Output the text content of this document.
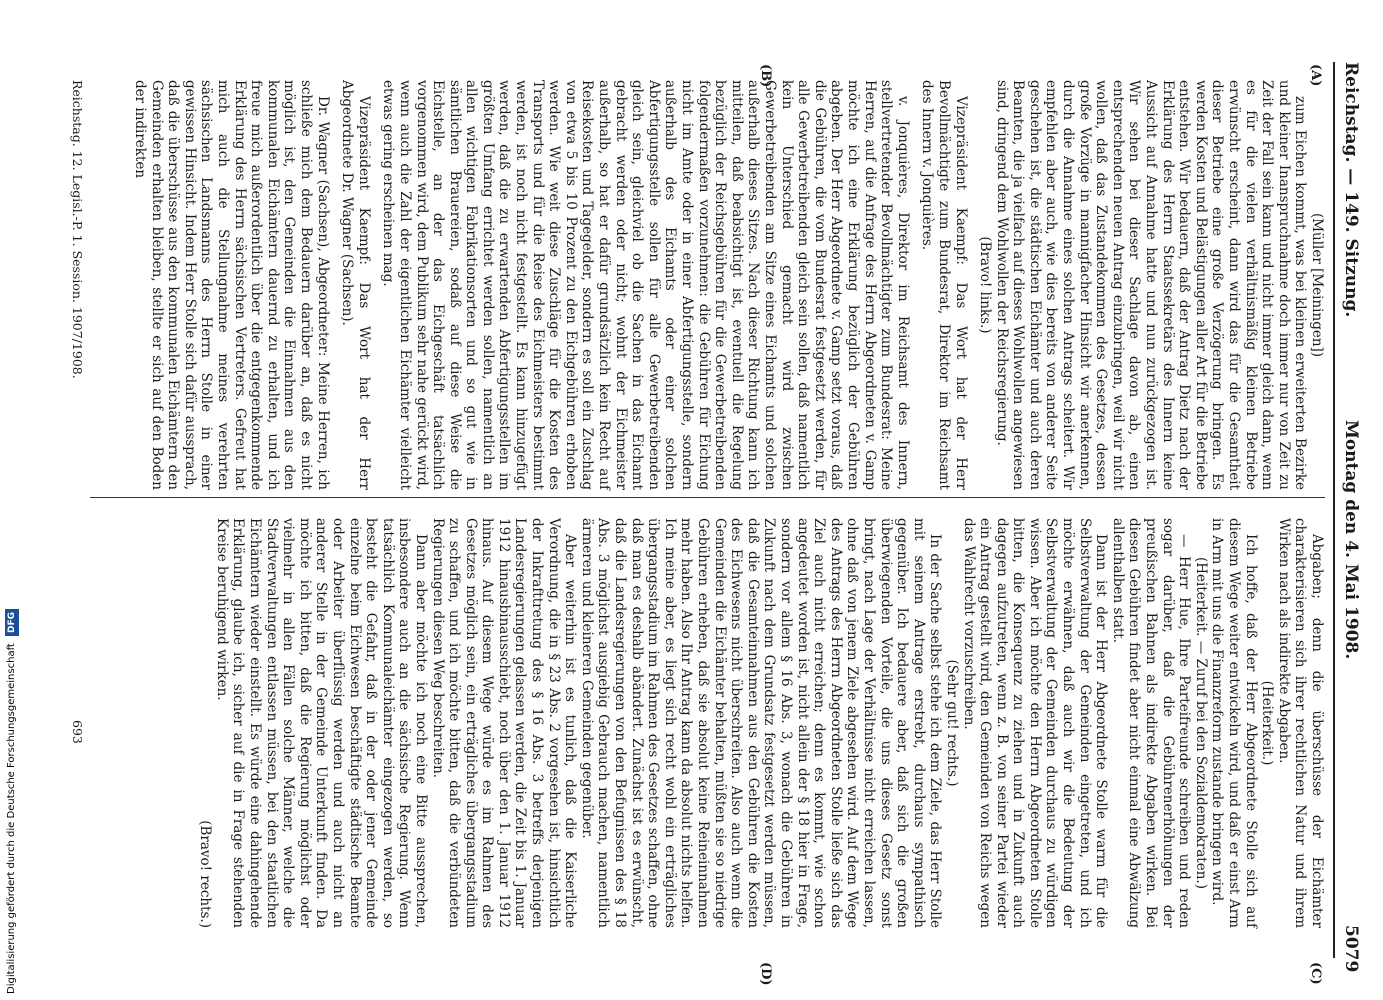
Reichstag. — 149. Sitzung.
Montag den 4. Mai 1908.
5079
(A)
(B)
(C)
(D)

(Müller [Meiningen])

zum Eichen kommt, was bei kleinen erweiterten Bezirke und kleiner Inanspruchnahme doch immer nur von Zeit zu Zeit der Fall sein kann und nicht immer gleich dann, wenn es für die vielen verhältnismäßig kleinen Betriebe erwünscht erscheint, dann wird das für die Gesamtheit dieser Betriebe eine große Verzögerung bringen. Es werden Kosten und Belästigungen aller Art für die Betriebe entstehen. Wir bedauern, daß der Antrag Dietz nach der Erklärung des Herrn Staatssekretärs des Innern keine Aussicht auf Annahme hatte und nun zurückgezogen ist. Wir sehen bei dieser Sachlage davon ab, einen entsprechenden neuen Antrag einzubringen, weil wir nicht wollen, daß das Zustandekommen des Gesetzes, dessen große Vorzüge in mannigfacher Hinsicht wir anerkennen, durch die Annahme eines solchen Antrags scheitert. Wir empfehlen aber auch, wie dies bereits von anderer Seite geschehen ist, die städtischen Eichämter und auch deren Beamten, die ja vielfach auf dieses Wohlwollen angewiesen sind, dringend dem Wohlwollen der Reichsregierung.

(Bravo! links.)

Vizepräsident Kaempf: Das Wort hat der Herr Bevollmächtigte zum Bundesrat, Direktor im Reichsamt des Innern v. Jonquières.

v. Jonquières, Direktor im Reichsamt des Innern, stellvertretender Bevollmächtigter zum Bundesrat: Meine Herren, auf die Anfrage des Herrn Abgeordneten v. Gamp möchte ich eine Erklärung bezüglich der Gebühren abgeben. Der Herr Abgeordnete v. Gamp setzt voraus, daß die Gebühren, die vom Bundesrat festgesetzt werden, für alle Gewerbetreibenden gleich sein sollen, daß namentlich kein Unterschied gemacht wird zwischen Gewerbetreibenden am Sitze eines Eichamts und solchen außerhalb dieses Sitzes. Nach dieser Richtung kann ich mitteilen, daß beabsichtigt ist, eventuell die Regelung bezüglich der Reichsgebühren für die Gewerbetreibenden folgendermaßen vorzunehmen: die Gebühren für Eichung nicht im Amte oder in einer Abfertigungsstelle, sondern außerhalb des Eichamts oder einer solchen Abfertigungsstelle sollen für alle Gewerbetreibenden gleich sein, gleichviel ob die Sachen in das Eichamt gebracht werden oder nicht; wohnt der Eichmeister außerhalb, so hat er dafür grundsätzlich kein Recht auf Reisekosten und Tagegelder, sondern es soll ein Zuschlag von etwa 5 bis 10 Prozent zu den Eichgebühren erhoben werden. Wie weit diese Zuschläge für die Kosten des Transports und für die Reise des Eichmeisters bestimmt werden, ist noch nicht festgestellt. Es kann hinzugefügt werden, daß die zu erwartenden Abfertigungsstellen im größten Umfang errichtet werden sollen, namentlich an allen wichtigen Fabrikationsorten und so gut wie in sämtlichen Brauereien, sodaß auf diese Weise die Eichstelle, an der das Eichgeschäft tatsächlich vorgenommen wird, dem Publikum sehr nahe gerückt wird, wenn auch die Zahl der eigentlichen Eichämter vielleicht etwas gering erscheinen mag.

Vizepräsident Kaempf: Das Wort hat der Herr Abgeordnete Dr. Wagner (Sachsen).

Dr. Wagner (Sachsen), Abgeordneter: Meine Herren, ich schließe mich dem Bedauern darüber an, daß es nicht möglich ist, den Gemeinden die Einnahmen aus den kommunalen Eichämtern dauernd zu erhalten, und ich freue mich außerordentlich über die entgegenkommende Erklärung des Herrn sächsischen Vertreters. Gefreut hat mich auch die Stellungnahme meines verehrten sächsischen Landsmanns des Herrn Stolle in einer gewissen Hinsicht. Indem Herr Stolle sich dafür aussprach, daß die überschüsse aus den kommunalen Eichämtern den Gemeinden erhalten bleiben, stellte er sich auf den Boden der indirekten

Abgaben; denn die überschüsse der Eichämter charakterisieren sich ihrer rechtlichen Natur und ihrem Wirken nach als indirekte Abgaben.

(Heiterkeit.)

Ich hoffe, daß der Herr Abgeordnete Stolle sich auf diesem Wege weiter entwickeln wird, und daß er einst Arm in Arm mit uns die Finanzreform zustande bringen wird.

(Heiterkeit. — Zuruf bei den Sozialdemokraten.)

— Herr Hue, Ihre Parteifreunde schreiben und reden sogar darüber, daß die Gebührenerhöhungen der preußischen Bahnen als indirekte Abgaben wirken. Bei diesen Gebühren findet aber nicht einmal eine Abwälzung allenthalben statt.

Dann ist der Herr Abgeordnete Stolle warm für die Selbstverwaltung der Gemeinden eingetreten, und ich möchte erwähnen, daß auch wir die Bedeutung der Selbstverwaltung der Gemeinden durchaus zu würdigen wissen. Aber ich möchte den Herrn Abgeordneten Stolle bitten, die Konsequenz zu ziehen und in Zukunft auch dagegen aufzutreten, wenn z. B. von seiner Partei wieder ein Antrag gestellt wird, den Gemeinden von Reichs wegen das Wahlrecht vorzuschreiben.

(Sehr gut! rechts.)

In der Sache selbst stehe ich dem Ziele, das Herr Stolle mit seinem Antrage erstrebt, durchaus sympathisch gegenüber. Ich bedauere aber, daß sich die großen überwiegenden Vorteile, die uns dieses Gesetz sonst bringt, nach Lage der Verhältnisse nicht erreichen lassen, ohne daß von jenem Ziele abgesehen wird. Auf dem Wege des Antrags des Herrn Abgeordneten Stolle ließe sich das Ziel auch nicht erreichen; denn es kommt, wie schon angedeutet worden ist, nicht allein der § 18 hier in Frage, sondern vor allem § 16 Abs. 3, wonach die Gebühren in Zukunft nach dem Grundsatz festgesetzt werden müssen, daß die Gesamteinnahmen aus den Gebühren die Kosten des Eichwesens nicht überschreiten. Also auch wenn die Gemeinden die Eichämter behalten, müßten sie so niedrige Gebühren erheben, daß sie absolut keine Reineinnahmen mehr haben. Also Ihr Antrag kann da absolut nichts helfen. Ich meine aber, es liegt sich recht wohl ein erträgliches übergangsstadium im Rahmen des Gesetzes schaffen, ohne daß man es deshalb abändert. Zunächst ist es erwünscht, daß die Landesregierungen von den Befugnissen des § 18 Abs. 3 möglichst ausgiebig Gebrauch machen, namentlich ärmeren und kleineren Gemeinden gegenüber.

Aber weiterhin ist es tunlich, daß die Kaiserliche Verordnung, die in § 23 Abs. 2 vorgesehen ist, hinsichtlich der Inkrafttretung des § 16 Abs. 3 betreffs derjenigen Landesregierungen gelassen werden, die Zeit bis 1. Januar 1912 hinausbinausschiebt, noch über den 1. Januar 1912 hinaus. Auf diesem Wege würde es im Rahmen des Gesetzes möglich sein, ein erträgliches übergangsstadium zu schaffen, und ich möchte bitten, daß die verbündeten Regierungen diesen Weg beschreiten.

Dann aber möchte ich noch eine Bitte aussprechen, insbesondere auch an die sächsische Regierung. Wenn tatsächlich Kommunaleichämter eingezogen werden, so besteht die Gefahr, daß in der oder jener Gemeinde einzelne beim Eichwesen beschäftigte städtische Beamte oder Arbeiter überflüssig werden und auch nicht an anderer Stelle in der Gemeinde Unterkunft finden. Da möchte ich bitten, daß die Regierung möglichst oder vielmehr in allen Fällen solche Männer, welche die Stadtverwaltungen entlassen müssen, bei den staatlichen Eichämtern wieder einstellt. Es würde eine dahingehende Erklärung, glaube ich, sicher auf die in Frage stehenden Kreise beruhigend wirken.

(Bravo! rechts.)

Reichstag. 12. Legisl.-P. 1. Session. 1907/1908.
693
Digitalisierung gefördert durch die Deutsche Forschungsgemeinschaft DFG
